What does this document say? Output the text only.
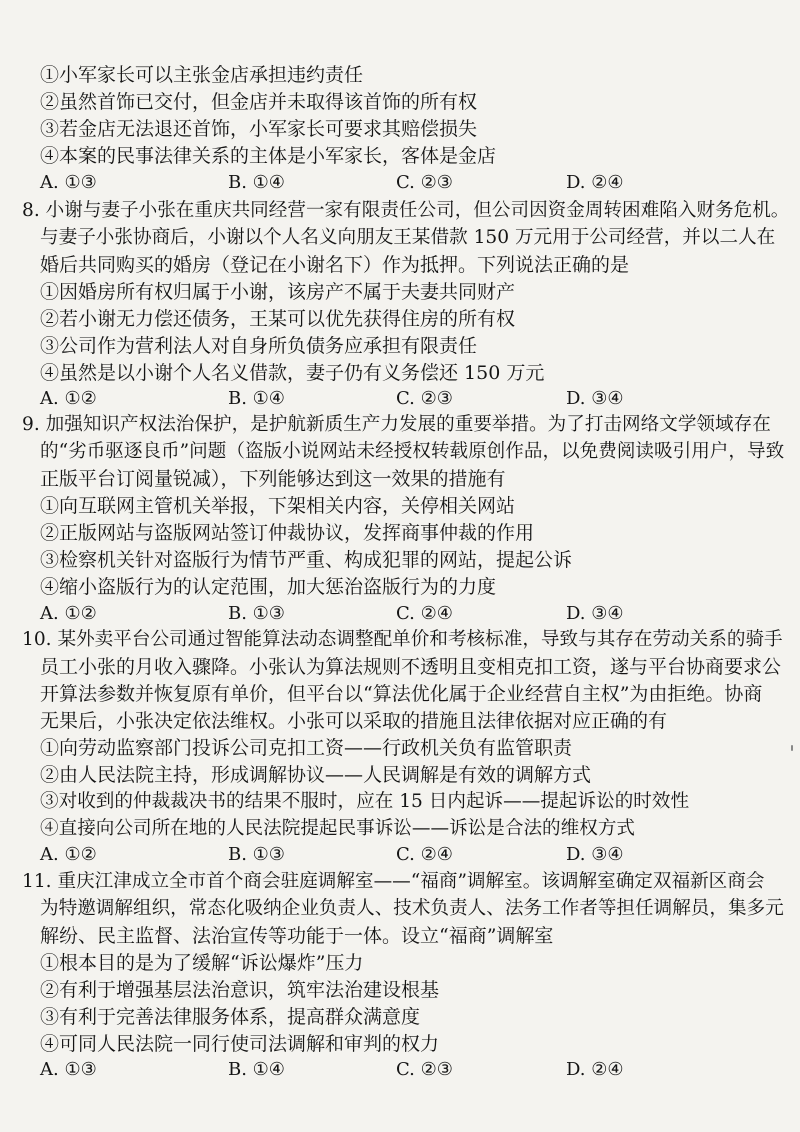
①小军家长可以主张金店承担违约责任
②虽然首饰已交付，但金店并未取得该首饰的所有权
③若金店无法退还首饰，小军家长可要求其赔偿损失
④本案的民事法律关系的主体是小军家长，客体是金店
A. ①③	B. ①④	C. ②③	D. ②④
8. 小谢与妻子小张在重庆共同经营一家有限责任公司，但公司因资金周转困难陷入财务危机。
与妻子小张协商后，小谢以个人名义向朋友王某借款 150 万元用于公司经营，并以二人在
婚后共同购买的婚房（登记在小谢名下）作为抵押。下列说法正确的是
①因婚房所有权归属于小谢，该房产不属于夫妻共同财产
②若小谢无力偿还债务，王某可以优先获得住房的所有权
③公司作为营利法人对自身所负债务应承担有限责任
④虽然是以小谢个人名义借款，妻子仍有义务偿还 150 万元
A. ①②	B. ①④	C. ②③	D. ③④
9. 加强知识产权法治保护，是护航新质生产力发展的重要举措。为了打击网络文学领域存在
的“劣币驱逐良币”问题（盗版小说网站未经授权转载原创作品，以免费阅读吸引用户，导致
正版平台订阅量锐减），下列能够达到这一效果的措施有
①向互联网主管机关举报，下架相关内容，关停相关网站
②正版网站与盗版网站签订仲裁协议，发挥商事仲裁的作用
③检察机关针对盗版行为情节严重、构成犯罪的网站，提起公诉
④缩小盗版行为的认定范围，加大惩治盗版行为的力度
A. ①②	B. ①③	C. ②④	D. ③④
10. 某外卖平台公司通过智能算法动态调整配单价和考核标准，导致与其存在劳动关系的骑手
员工小张的月收入骤降。小张认为算法规则不透明且变相克扣工资，遂与平台协商要求公
开算法参数并恢复原有单价，但平台以“算法优化属于企业经营自主权”为由拒绝。协商
无果后，小张决定依法维权。小张可以采取的措施且法律依据对应正确的有
①向劳动监察部门投诉公司克扣工资——行政机关负有监管职责
②由人民法院主持，形成调解协议——人民调解是有效的调解方式
③对收到的仲裁裁决书的结果不服时，应在 15 日内起诉——提起诉讼的时效性
④直接向公司所在地的人民法院提起民事诉讼——诉讼是合法的维权方式
A. ①②	B. ①③	C. ②④	D. ③④
11. 重庆江津成立全市首个商会驻庭调解室——“福商”调解室。该调解室确定双福新区商会
为特邀调解组织，常态化吸纳企业负责人、技术负责人、法务工作者等担任调解员，集多元
解纷、民主监督、法治宣传等功能于一体。设立“福商”调解室
①根本目的是为了缓解“诉讼爆炸”压力
②有利于增强基层法治意识，筑牢法治建设根基
③有利于完善法律服务体系，提高群众满意度
④可同人民法院一同行使司法调解和审判的权力
A. ①③	B. ①④	C. ②③	D. ②④
